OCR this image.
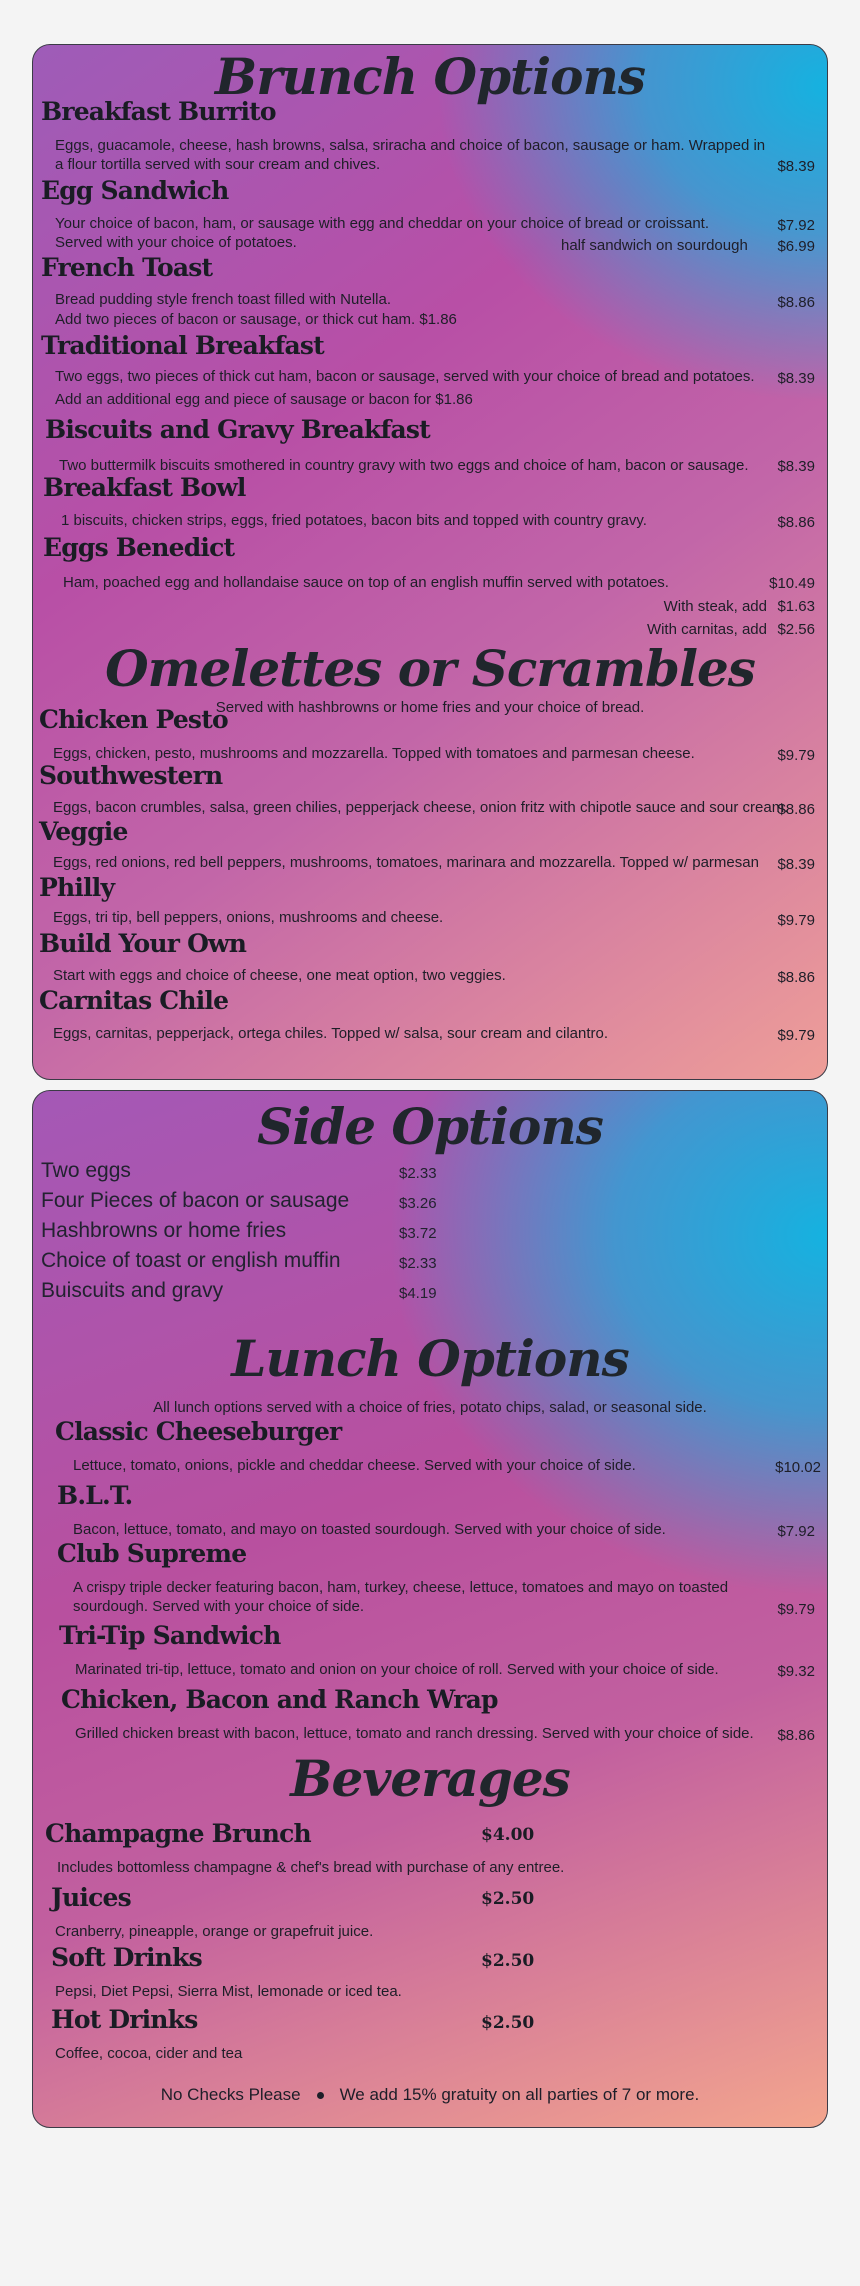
Brunch Options
Breakfast Burrito
Eggs, guacamole, cheese, hash browns, salsa, sriracha and choice of bacon, sausage or ham. Wrapped in
a flour tortilla served with sour cream and chives.	$8.39
Egg Sandwich
Your choice of bacon, ham, or sausage with egg and cheddar on your choice of bread or croissant.	$7.92
Served with your choice of potatoes.	half sandwich on sourdough $6.99
French Toast
Bread pudding style french toast filled with Nutella.	$8.86
Add two pieces of bacon or sausage, or thick cut ham. $1.86
Traditional Breakfast
Two eggs, two pieces of thick cut ham, bacon or sausage, served with your choice of bread and potatoes. $8.39
Add an additional egg and piece of sausage or bacon for $1.86
Biscuits and Gravy Breakfast
Two buttermilk biscuits smothered in country gravy with two eggs and choice of ham, bacon or sausage. $8.39
Breakfast Bowl
1 biscuits, chicken strips, eggs, fried potatoes, bacon bits and topped with country gravy.	$8.86
Eggs Benedict
Ham, poached egg and hollandaise sauce on top of an english muffin served with potatoes.	$10.49
With steak, add $1.63
With carnitas, add $2.56
Omelettes or Scrambles
Served with hashbrowns or home fries and your choice of bread.
Chicken Pesto
Eggs, chicken, pesto, mushrooms and mozzarella. Topped with tomatoes and parmesan cheese.	$9.79
Southwestern
Eggs, bacon crumbles, salsa, green chilies, pepperjack cheese, onion fritz with chipotle sauce and sour cream.
$8.86
Veggie
Eggs, red onions, red bell peppers, mushrooms, tomatoes, marinara and mozzarella. Topped w/ parmesan $8.39
Philly
Eggs, tri tip, bell peppers, onions, mushrooms and cheese.	$9.79
Build Your Own
Start with eggs and choice of cheese, one meat option, two veggies.	$8.86
Carnitas Chile
Eggs, carnitas, pepperjack, ortega chiles. Topped w/ salsa, sour cream and cilantro.	$9.79
Side Options
Two eggs	$2.33
Four Pieces of bacon or sausage	$3.26
Hashbrowns or home fries	$3.72
Choice of toast or english muffin	$2.33
Buiscuits and gravy	$4.19
Lunch Options
All lunch options served with a choice of fries, potato chips, salad, or seasonal side.
Classic Cheeseburger
Lettuce, tomato, onions, pickle and cheddar cheese. Served with your choice of side.	$10.02
B.L.T.
Bacon, lettuce, tomato, and mayo on toasted sourdough. Served with your choice of side.	$7.92
Club Supreme
A crispy triple decker featuring bacon, ham, turkey, cheese, lettuce, tomatoes and mayo on toasted
sourdough. Served with your choice of side.	$9.79
Tri-Tip Sandwich
Marinated tri-tip, lettuce, tomato and onion on your choice of roll. Served with your choice of side.	$9.32
Chicken, Bacon and Ranch Wrap
Grilled chicken breast with bacon, lettuce, tomato and ranch dressing. Served with your choice of side. $8.86
Beverages
Champagne Brunch	$4.00
Includes bottomless champagne & chef's bread with purchase of any entree.
Juices	$2.50
Cranberry, pineapple, orange or grapefruit juice.
Soft Drinks	$2.50
Pepsi, Diet Pepsi, Sierra Mist, lemonade or iced tea.
Hot Drinks	$2.50
Coffee, cocoa, cider and tea
No Checks Please We add 15% gratuity on all parties of 7 or more.
